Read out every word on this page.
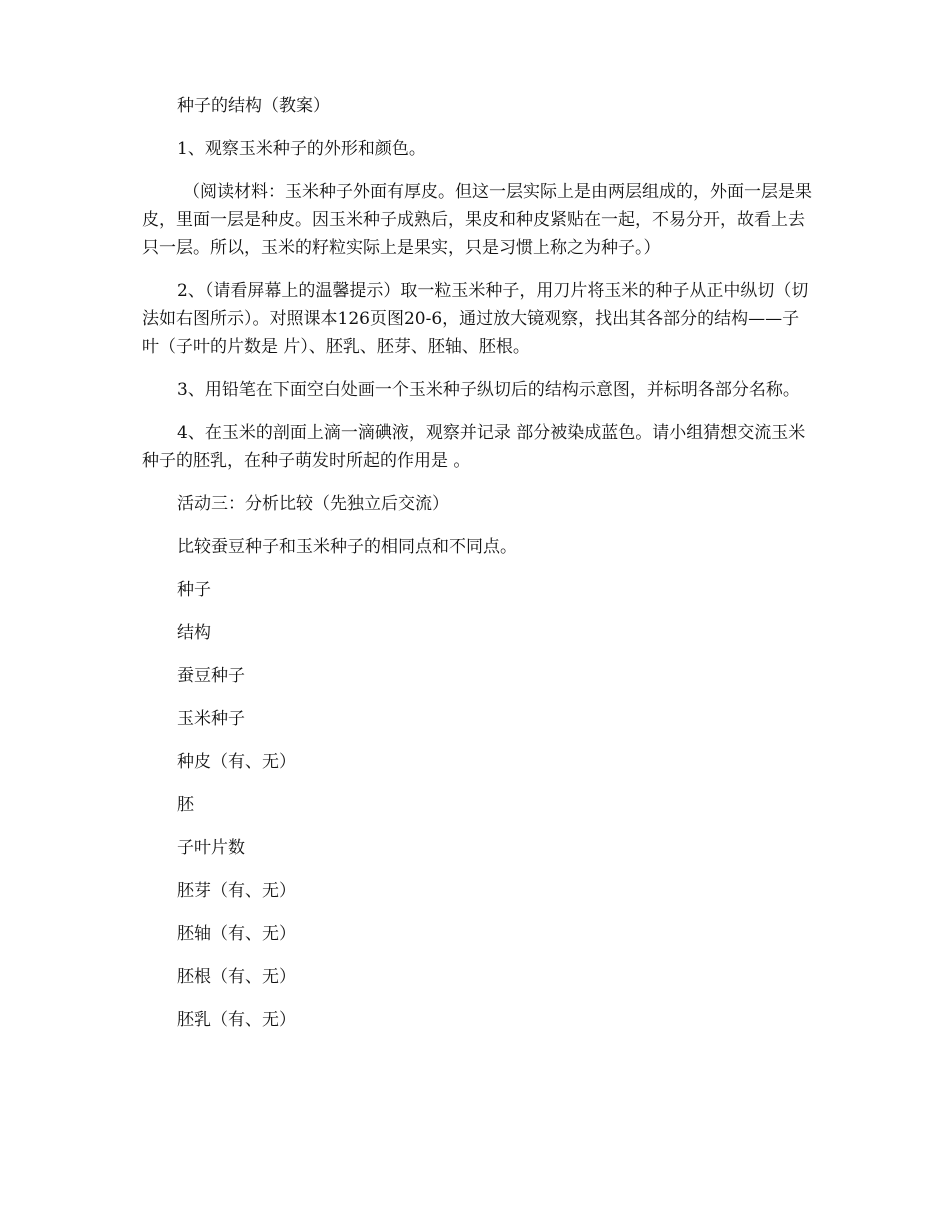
种子的结构（教案）

1、观察玉米种子的外形和颜色。

（阅读材料：玉米种子外面有厚皮。但这一层实际上是由两层组成的，外面一层是果皮，里面一层是种皮。因玉米种子成熟后，果皮和种皮紧贴在一起，不易分开，故看上去只一层。所以，玉米的籽粒实际上是果实，只是习惯上称之为种子。）

2、（请看屏幕上的温馨提示）取一粒玉米种子，用刀片将玉米的种子从正中纵切（切法如右图所示）。对照课本126页图20-6，通过放大镜观察，找出其各部分的结构——子叶（子叶的片数是 片）、胚乳、胚芽、胚轴、胚根。

3、用铅笔在下面空白处画一个玉米种子纵切后的结构示意图，并标明各部分名称。

4、在玉米的剖面上滴一滴碘液，观察并记录 部分被染成蓝色。请小组猜想交流玉米种子的胚乳，在种子萌发时所起的作用是 。

活动三：分析比较（先独立后交流）

比较蚕豆种子和玉米种子的相同点和不同点。

种子

结构

蚕豆种子

玉米种子

种皮（有、无）

胚

子叶片数

胚芽（有、无）

胚轴（有、无）

胚根（有、无）

胚乳（有、无）
